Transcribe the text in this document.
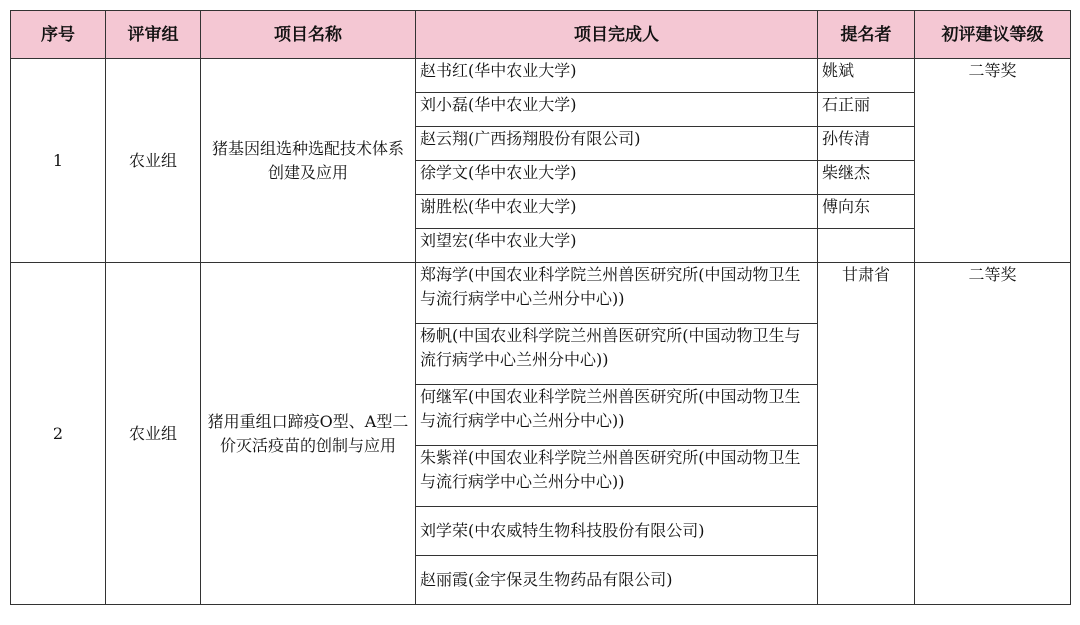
序号	评审组	项目名称	项目完成人	提名者	初评建议等级
1	农业组	猪基因组选种选配技术体系创建及应用	赵书红(华中农业大学)	姚斌	二等奖
			刘小磊(华中农业大学)	石正丽	
			赵云翔(广西扬翔股份有限公司)	孙传清	
			徐学文(华中农业大学)	柴继杰	
			谢胜松(华中农业大学)	傅向东	
			刘望宏(华中农业大学)		
2	农业组	猪用重组口蹄疫O型、A型二价灭活疫苗的创制与应用	郑海学(中国农业科学院兰州兽医研究所(中国动物卫生与流行病学中心兰州分中心))	甘肃省	二等奖
			杨帆(中国农业科学院兰州兽医研究所(中国动物卫生与流行病学中心兰州分中心))		
			何继军(中国农业科学院兰州兽医研究所(中国动物卫生与流行病学中心兰州分中心))		
			朱紫祥(中国农业科学院兰州兽医研究所(中国动物卫生与流行病学中心兰州分中心))		
			刘学荣(中农威特生物科技股份有限公司)		
			赵丽霞(金宇保灵生物药品有限公司)		
